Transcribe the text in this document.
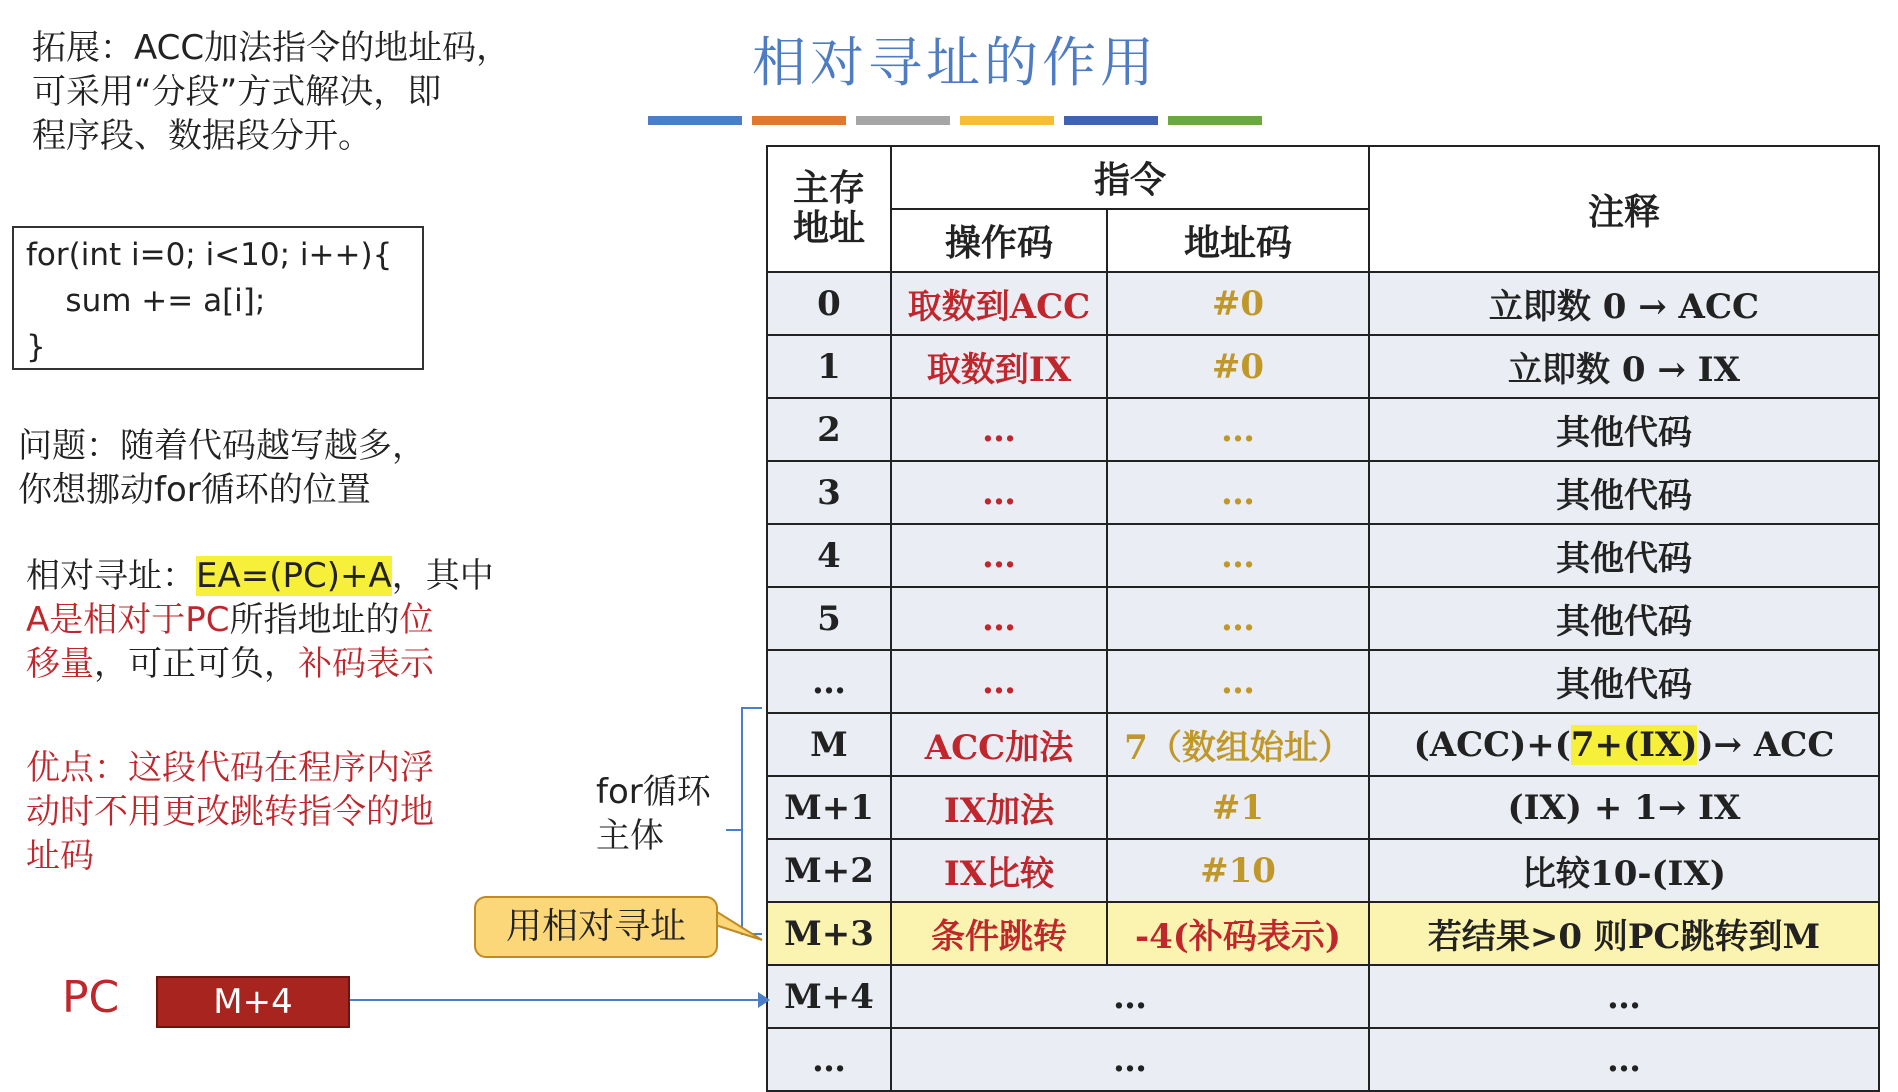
拓展：ACC加法指令的地址码，
可采用“分段”方式解决，即
程序段、数据段分开。
for(int i=0; i<10; i++){
sum += a[i];
}
问题：随着代码越写越多，
你想挪动for循环的位置
相对寻址：EA=(PC)+A，其中
A是相对于PC所指地址的位
移量，可正可负，补码表示
优点：这段代码在程序内浮
动时不用更改跳转指令的地
址码
for循环
主体
相对寻址的作用
主存
地址	指令		注释
	操作码	地址码	
0	取数到ACC	#0	立即数 0 → ACC
1	取数到IX	#0	立即数 0 → IX
2	…	…	其他代码
3	…	…	其他代码
4	…	…	其他代码
5	…	…	其他代码
…	…	…	其他代码
M	ACC加法	7（数组始址）	(ACC)+(7+(IX))→ ACC
M+1	IX加法	#1	(IX) + 1→ IX
M+2	IX比较	#10	比较10-(IX)
M+3	条件跳转	-4(补码表示)	若结果>0 则PC跳转到M
M+4	…		…
…	…		…
用相对寻址
PC	M+4
